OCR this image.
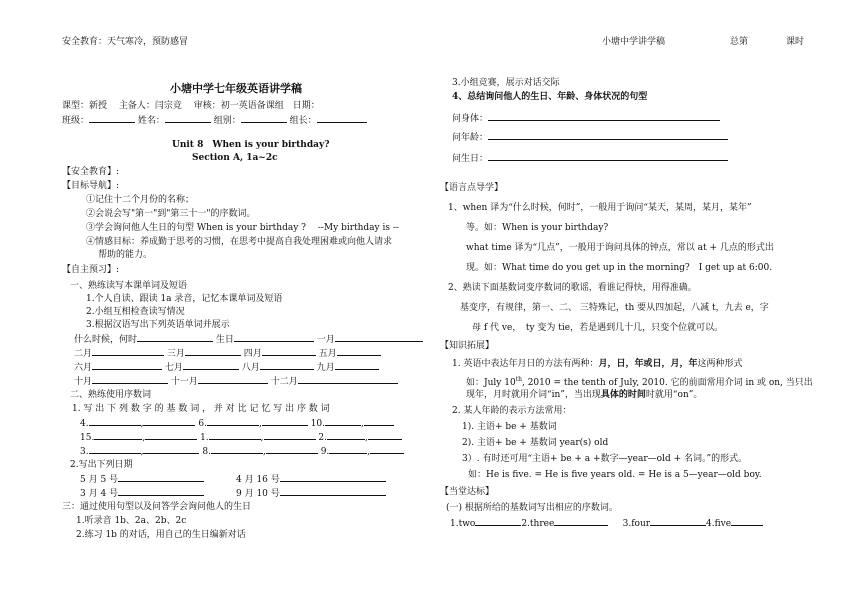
安全教育：天气寒冷，预防感冒	小塘中学讲学稿	总第	课时
小塘中学七年级英语讲学稿
课型：新授　 主备人：闫宗竞　 审核：初一英语备课组　日期：
班级：	姓名：	组别：	组长：
Unit 8　When is your birthday?
Section A, 1a~2c
【安全教育】:
【目标导航】:
①记住十二个月份的名称；
②会说会写"第一"到"第三十一"的序数词。
③学会询问他人生日的句型 When is your birthday ?　 --My birthday is --
④情感目标：养成勤于思考的习惯，在思考中提高自我处理困难或向他人请求
帮助的能力。
【自主预习】:
一、熟练读写本课单词及短语
1.个人自读、跟读 1a 录音，记忆本课单词及短语
2.小组互相检查读写情况
3.根据汉语写出下列英语单词并展示
什么时候，何时	生日	一月
二月	三月	四月	五月
六月	七月	八月	九月
十月	十一月	十二月
二、熟练使用序数词
1. 写 出 下 列 数 字 的 基 数 词 ， 并 对 比 记 忆 写 出 序 数 词
4.	,	6.	,	10.	,
15.	,	1.	,	2.	,
3.	,	8.	,	9.	,
2.写出下列日期
5 月 5 号	4 月 16 号
3 月 4 号	9 月 10 号
三：通过使用句型以及问答学会询问他人的生日
1.听录音 1b、2a、2b、2c
2.练习 1b 的对话，用自己的生日编新对话
3.小组竞赛，展示对话交际
4、总结询问他人的生日、年龄、身体状况的句型
问身体：
问年龄：
问生日：
【语言点导学】
1、when 译为“什么时候，何时”，一般用于询问“某天，某周，某月，某年”
等。如：When is your birthday?
what time 译为“几点”，一般用于询问具体的钟点，常以 at + 几点的形式出
现。如：What time do you get up in the morning?　I get up at 6:00.
2、熟读下面基数词变序数词的歌谣，看谁记得快，用得准确。
基变序，有规律，第一、二、 三特殊记，th 要从四加起，八减 t，九去 e，字
母 f 代 ve，　ty 变为 tie，若是遇到几十几，只变个位就可以。
【知识拓展】
1. 英语中表达年月日的方法有两种：月，日，年或日，月，年这两种形式
如：July 10th, 2010 = the tenth of July, 2010. 它的前面常用介词 in 或 on, 当只出
现年，月时就用介词“in”，当出现具体的时间时就用“on”。
2. 某人年龄的表示方法常用：
1). 主语+ be + 基数词
2). 主语+ be + 基数词 year(s) old
3）. 有时还可用“主语+ be + a +数字—year—old + 名词。”的形式。
如：He is five. = He is five years old. = He is a 5—year—old boy.
【当堂达标】
(一) 根据所给的基数词写出相应的序数词。
1.two	2.three	3.four	4.five
